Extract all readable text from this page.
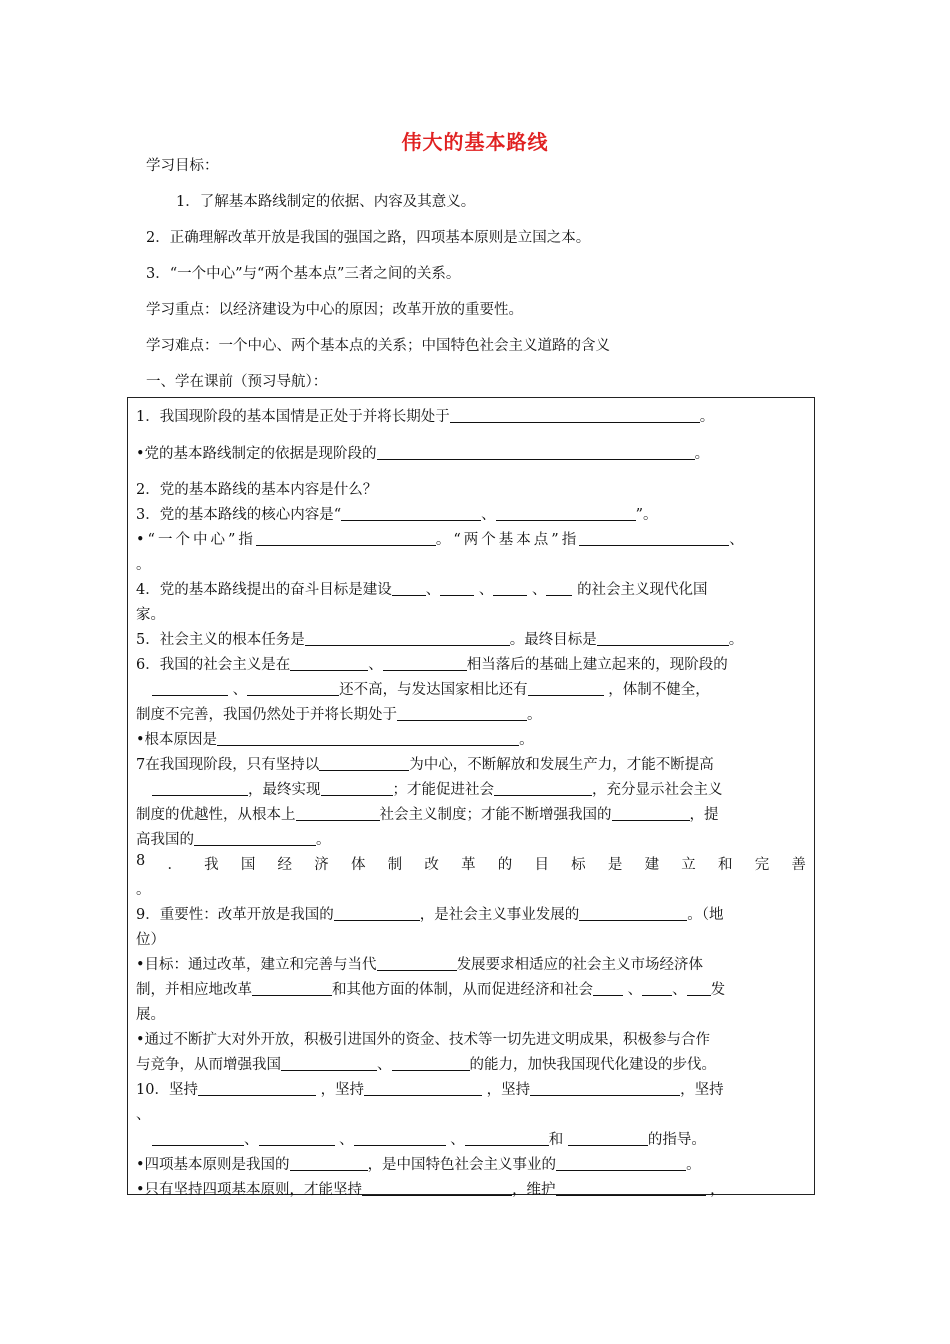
伟大的基本路线
学习目标：
1．了解基本路线制定的依据、内容及其意义。
2．正确理解改革开放是我国的强国之路，四项基本原则是立国之本。
3．“一个中心”与“两个基本点”三者之间的关系。
学习重点：以经济建设为中心的原因；改革开放的重要性。
学习难点：一个中心、两个基本点的关系；中国特色社会主义道路的含义
一、学在课前（预习导航）：
1．我国现阶段的基本国情是正处于并将长期处于	。
•党的基本路线制定的依据是现阶段的	。
2．党的基本路线的基本内容是什么？
3．党的基本路线的核心内容是“	、	”。
•“一个中心”指	。“两个基本点”指	、
。
4．党的基本路线提出的奋斗目标是建设 、	、	、 的社会主义现代化国
家。
5．社会主义的根本任务是	。最终目标是	。
6．我国的社会主义是在	、	相当落后的基础上建立起来的，现阶段的
、	还不高，与发达国家相比还有	，体制不健全，
制度不完善，我国仍然处于并将长期处于	。
•根本原因是	。
7在我国现阶段，只有坚持以	为中心，不断解放和发展生产力，才能不断提高
，最终实现	；才能促进社会	，充分显示社会主义
制度的优越性，从根本上	社会主义制度；才能不断增强我国的	，提
高我国的	。
8 ． 我 国 经 济 体 制 改 革 的 目 标 是 建 立 和 完 善
。
9．重要性：改革开放是我国的	，是社会主义事业发展的	。（地
位）
•目标：通过改革，建立和完善与当代	发展要求相适应的社会主义市场经济体
制，并相应地改革	和其他方面的体制，从而促进经济和社会 、 、 发
展。
•通过不断扩大对外开放，积极引进国外的资金、技术等一切先进文明成果，积极参与合作
与竞争，从而增强我国	、	的能力，加快我国现代化建设的步伐。
10．坚持	，坚持	，坚持	，坚持
、
、	、	、	和	的指导。
•四项基本原则是我国的	，是中国特色社会主义事业的	。
•只有坚持四项基本原则，才能坚持	，维护	，
